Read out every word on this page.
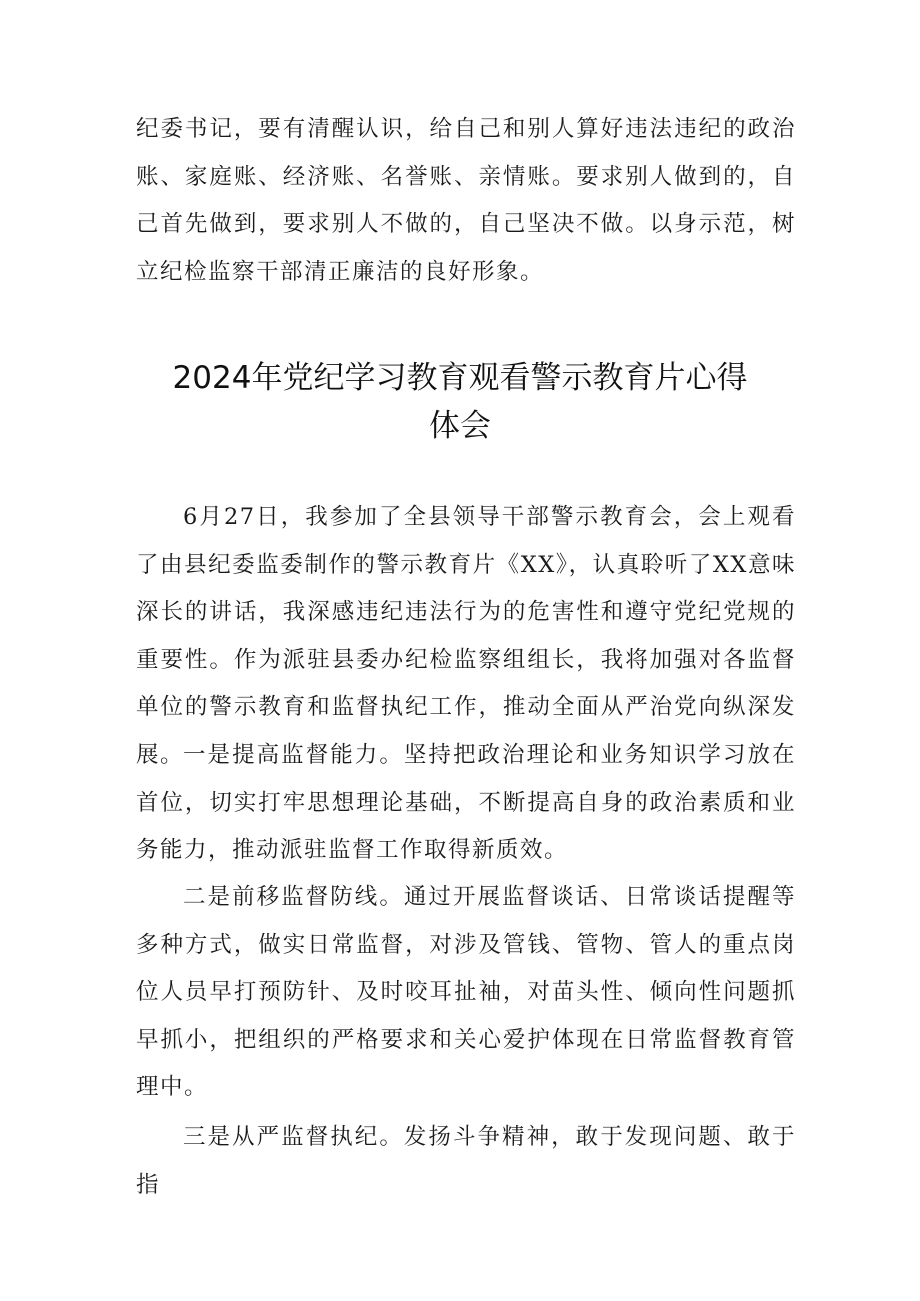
纪委书记，要有清醒认识，给自己和别人算好违法违纪的政治账、家庭账、经济账、名誉账、亲情账。要求别人做到的，自己首先做到，要求别人不做的，自己坚决不做。以身示范，树立纪检监察干部清正廉洁的良好形象。

2024年党纪学习教育观看警示教育片心得
体会

6月27日，我参加了全县领导干部警示教育会，会上观看了由县纪委监委制作的警示教育片《XX》，认真聆听了XX意味深长的讲话，我深感违纪违法行为的危害性和遵守党纪党规的重要性。作为派驻县委办纪检监察组组长，我将加强对各监督单位的警示教育和监督执纪工作，推动全面从严治党向纵深发展。

一是提高监督能力。坚持把政治理论和业务知识学习放在首位，切实打牢思想理论基础，不断提高自身的政治素质和业务能力，推动派驻监督工作取得新质效。

二是前移监督防线。通过开展监督谈话、日常谈话提醒等多种方式，做实日常监督，对涉及管钱、管物、管人的重点岗位人员早打预防针、及时咬耳扯袖，对苗头性、倾向性问题抓早抓小，把组织的严格要求和关心爱护体现在日常监督教育管理中。

三是从严监督执纪。发扬斗争精神，敢于发现问题、敢于指
